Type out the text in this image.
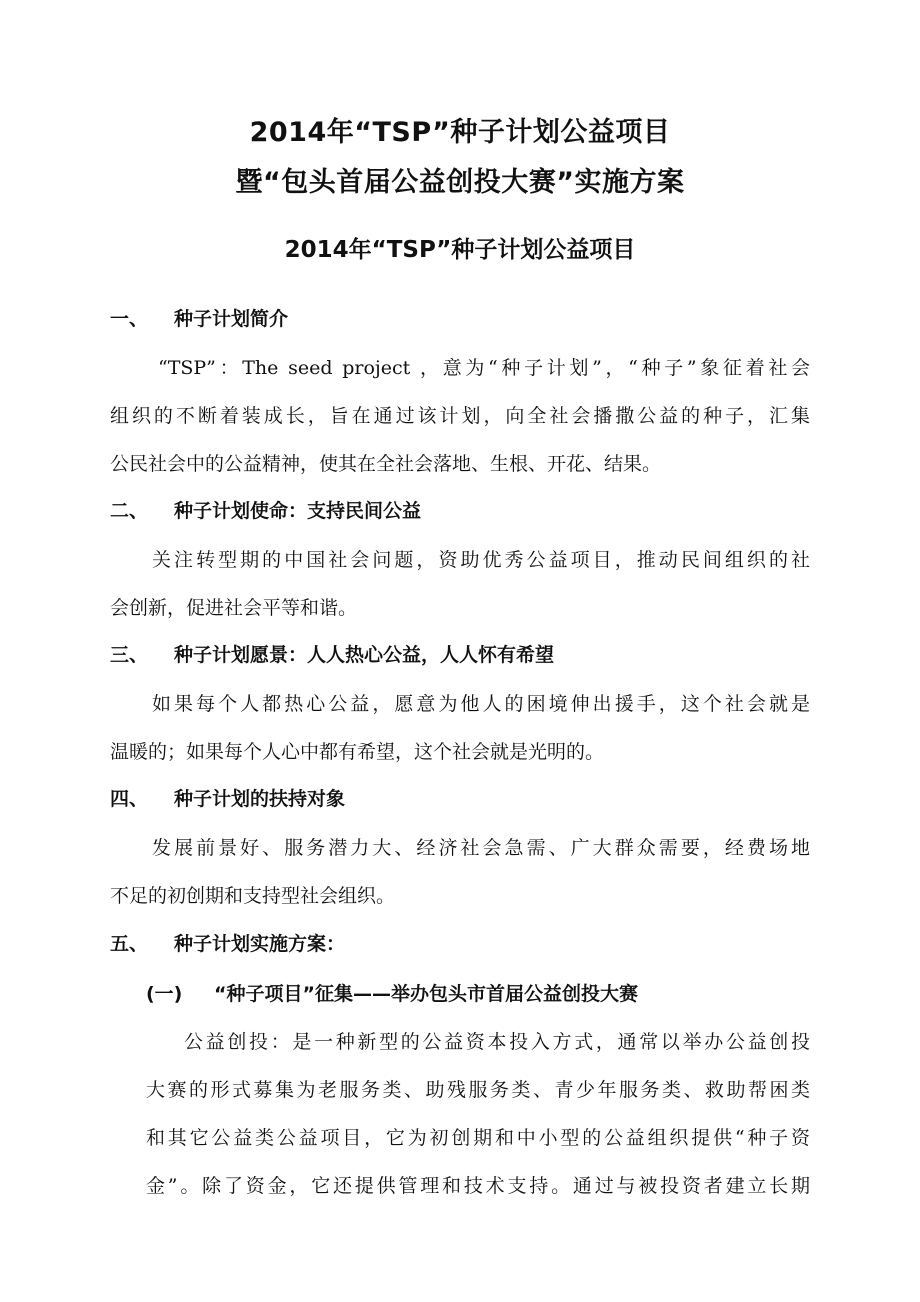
2014年“TSP”种子计划公益项目
暨“包头首届公益创投大赛”实施方案
2014年“TSP”种子计划公益项目
一、 种子计划简介
“TSP”：The seed project ，意为“种子计划”，“种子”象征着社会
组织的不断着装成长，旨在通过该计划，向全社会播撒公益的种子，汇集
公民社会中的公益精神，使其在全社会落地、生根、开花、结果。
二、 种子计划使命：支持民间公益
关注转型期的中国社会问题，资助优秀公益项目，推动民间组织的社
会创新，促进社会平等和谐。
三、 种子计划愿景：人人热心公益，人人怀有希望
如果每个人都热心公益，愿意为他人的困境伸出援手，这个社会就是
温暖的；如果每个人心中都有希望，这个社会就是光明的。
四、 种子计划的扶持对象
发展前景好、服务潜力大、经济社会急需、广大群众需要，经费场地
不足的初创期和支持型社会组织。
五、 种子计划实施方案：
(一) “种子项目”征集——举办包头市首届公益创投大赛
公益创投：是一种新型的公益资本投入方式，通常以举办公益创投
大赛的形式募集为老服务类、助残服务类、青少年服务类、救助帮困类
和其它公益类公益项目，它为初创期和中小型的公益组织提供“种子资
金”。除了资金，它还提供管理和技术支持。通过与被投资者建立长期
